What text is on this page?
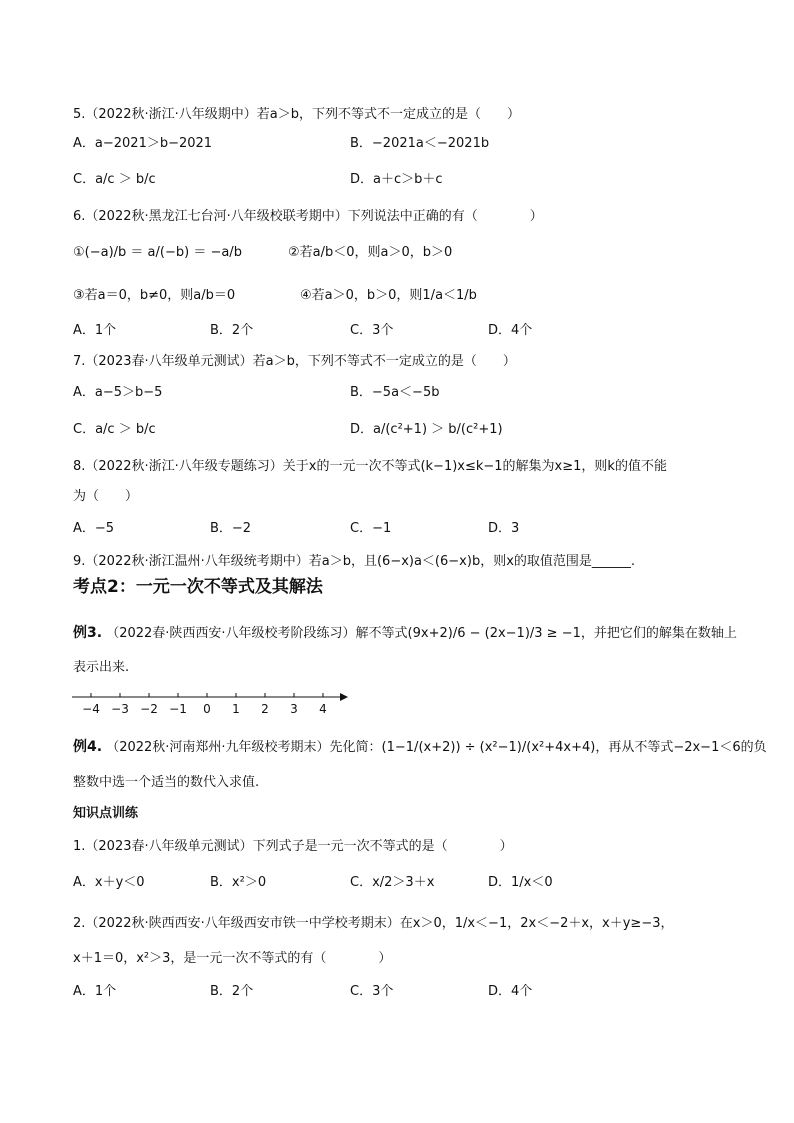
5.（2022秋·浙江·八年级期中）若a＞b，下列不等式不一定成立的是（　　）
A．a−2021＞b−2021	B．−2021a＜−2021b
C．a/c ＞ b/c	D．a＋c＞b＋c
6.（2022秋·黑龙江七台河·八年级校联考期中）下列说法中正确的有（　　　　）
①(−a)/b ＝ a/(−b) ＝ −a/b	②若a/b＜0，则a＞0，b＞0
③若a＝0，b≠0，则a/b＝0	④若a＞0，b＞0，则1/a＜1/b
A．1个	B．2个	C．3个	D．4个
7.（2023春·八年级单元测试）若a＞b，下列不等式不一定成立的是（　　）
A．a−5＞b−5	B．−5a＜−5b
C．a/c ＞ b/c	D．a/(c²+1) ＞ b/(c²+1)
8.（2022秋·浙江·八年级专题练习）关于x的一元一次不等式(k−1)x≤k−1的解集为x≥1，则k的值不能
为（　　）
A．−5	B．−2	C．−1	D．3
9.（2022秋·浙江温州·八年级统考期中）若a＞b，且(6−x)a＜(6−x)b，则x的取值范围是______.
考点2：一元一次不等式及其解法
例3. （2022春·陕西西安·八年级校考阶段练习）解不等式(9x+2)/6 − (2x−1)/3 ≥ −1，并把它们的解集在数轴上
表示出来.
−4 −3 −2 −1 0 1 2 3 4
例4. （2022秋·河南郑州·九年级校考期末）先化简：(1−1/(x+2)) ÷ (x²−1)/(x²+4x+4)，再从不等式−2x−1＜6的负
整数中选一个适当的数代入求值.
知识点训练
1.（2023春·八年级单元测试）下列式子是一元一次不等式的是（　　　　）
A．x＋y＜0	B．x²＞0	C．x/2＞3＋x	D．1/x＜0
2.（2022秋·陕西西安·八年级西安市铁一中学校考期末）在x＞0，1/x＜−1，2x＜−2＋x，x＋y≥−3，
x＋1＝0，x²＞3，是一元一次不等式的有（　　　　）
A．1个	B．2个	C．3个	D．4个
